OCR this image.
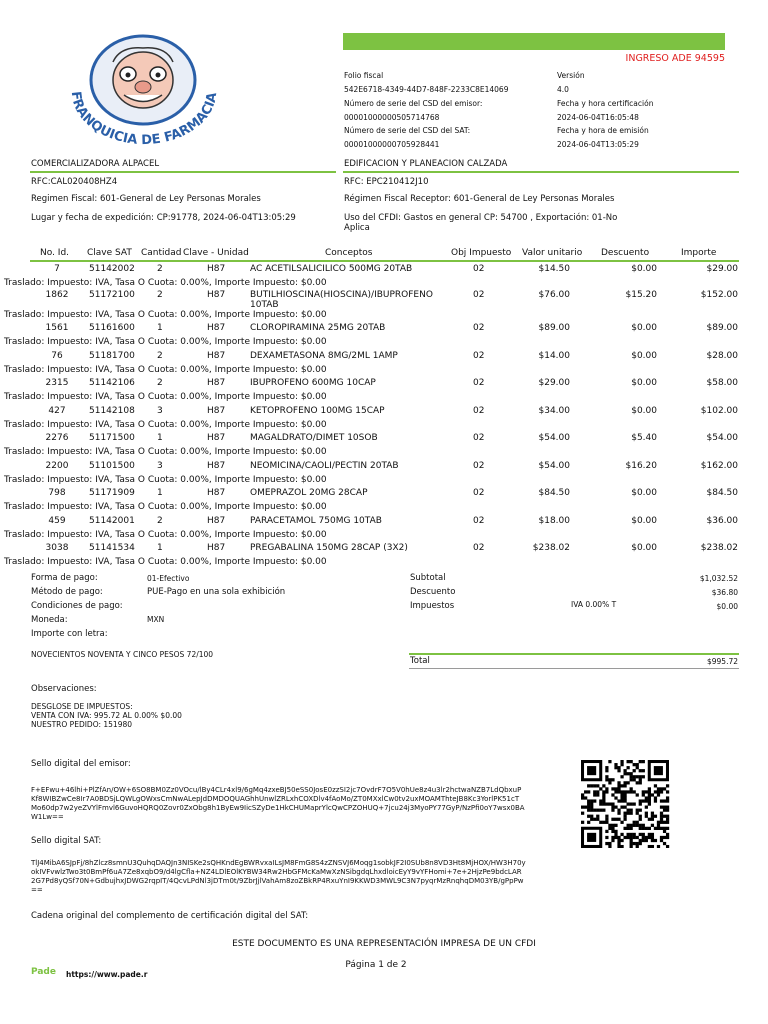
FRANQUICIA DE FARMACIA
INGRESO ADE 94595
Folio fiscal
542E6718-4349-44D7-848F-2233C8E14069
Número de serie del CSD del emisor:
00001000000505714768
Número de serie del CSD del SAT:
00001000000705928441
Versión
4.0
Fecha y hora certificación
2024-06-04T16:05:48
Fecha y hora de emisión
2024-06-04T13:05:29
COMERCIALIZADORA ALPACEL
RFC:CAL020408HZ4
Regimen Fiscal: 601-General de Ley Personas Morales
Lugar y fecha de expedición: CP:91778, 2024-06-04T13:05:29
EDIFICACION Y PLANEACION CALZADA
RFC: EPC210412J10
Régimen Fiscal Receptor: 601-General de Ley Personas Morales
Uso del CFDI: Gastos en general CP: 54700 , Exportación: 01-No
Aplica
No. Id. Clave SAT Cantidad Clave - Unidad	Conceptos	Obj Impuesto Valor unitario Descuento	Importe
7	51142002 2	H87	AC ACETILSALICILICO 500MG 20TAB	02	$14.50	$0.00	$29.00
Traslado: Impuesto: IVA, Tasa O Cuota: 0.00%, Importe Impuesto: $0.00
1862	51172100 2	H87	BUTILHIOSCINA(HIOSCINA)/IBUPROFENO	02	$76.00	$15.20	$152.00
10TAB
Traslado: Impuesto: IVA, Tasa O Cuota: 0.00%, Importe Impuesto: $0.00
1561	51161600 1	H87	CLOROPIRAMINA 25MG 20TAB	02	$89.00	$0.00	$89.00
Traslado: Impuesto: IVA, Tasa O Cuota: 0.00%, Importe Impuesto: $0.00
76	51181700 2	H87	DEXAMETASONA 8MG/2ML 1AMP	02	$14.00	$0.00	$28.00
Traslado: Impuesto: IVA, Tasa O Cuota: 0.00%, Importe Impuesto: $0.00
2315	51142106 2	H87	IBUPROFENO 600MG 10CAP	02	$29.00	$0.00	$58.00
Traslado: Impuesto: IVA, Tasa O Cuota: 0.00%, Importe Impuesto: $0.00
427	51142108 3	H87	KETOPROFENO 100MG 15CAP	02	$34.00	$0.00	$102.00
Traslado: Impuesto: IVA, Tasa O Cuota: 0.00%, Importe Impuesto: $0.00
2276	51171500 1	H87	MAGALDRATO/DIMET 10SOB	02	$54.00	$5.40	$54.00
Traslado: Impuesto: IVA, Tasa O Cuota: 0.00%, Importe Impuesto: $0.00
2200	51101500 3	H87	NEOMICINA/CAOLI/PECTIN 20TAB	02	$54.00	$16.20	$162.00
Traslado: Impuesto: IVA, Tasa O Cuota: 0.00%, Importe Impuesto: $0.00
798	51171909 1	H87	OMEPRAZOL 20MG 28CAP	02	$84.50	$0.00	$84.50
Traslado: Impuesto: IVA, Tasa O Cuota: 0.00%, Importe Impuesto: $0.00
459	51142001 2	H87	PARACETAMOL 750MG 10TAB	02	$18.00	$0.00	$36.00
Traslado: Impuesto: IVA, Tasa O Cuota: 0.00%, Importe Impuesto: $0.00
3038	51141534 1	H87	PREGABALINA 150MG 28CAP (3X2)	02	$238.02	$0.00	$238.02
Traslado: Impuesto: IVA, Tasa O Cuota: 0.00%, Importe Impuesto: $0.00
Forma de pago:	01-Efectivo
Método de pago:	PUE-Pago en una sola exhibición
Condiciones de pago:
Moneda:	MXN
Importe con letra:
NOVECIENTOS NOVENTA Y CINCO PESOS 72/100
Subtotal	$1,032.52
Descuento	$36.80
Impuestos	IVA 0.00% T	$0.00
Total	$995.72
Observaciones:
DESGLOSE DE IMPUESTOS:
VENTA CON IVA: 995.72 AL 0.00% $0.00
NUESTRO PEDIDO: 151980
Sello digital del emisor:
F+EFwu+46lhi+PlZfAn/OW+6SO8BM0Zz0VOcu/lBy4CLr4xl9/6gMq4zxeBJ50eSS0JosE0zzSI2jc7OvdrF7O5V0hUe8z4u3lr2hctwaNZB7LdQbxuP
Kf8WIBZwCe8Ir7A0BDSjLQWLgOWxsCmNwALepJdDMDOQUAGhhUnwlZRLxhCOXDlv4fAoMo/ZT0MXxlCw0tv2uxMOAMThteJB8Kc3YorlPK51cT
Mo60dp7w2yeZVYlFmvl6GuvoHQRQ0Zovr0ZxObg8h1ByEw9IicSZyDe1HkCHUMaprYlcQwCPZOHUQ+7jcu24j3MyoPY77GyP/NzPfi0oY7wsx0BA
W1Lw==
Sello digital SAT:
TlJ4MibA6SJpFj/8hZlcz8smnU3QuhqDAQJn3NISKe2sQHKndEgBWRvxaILsJM8FmG8S4zZNSVJ6Moqg1sobkJF2I0SUb8n8VD3Ht8MjHOX/HW3H70y
okIVFvwlzTwo3t0BmPf6uA7Ze8xqbO9/d4lgCfla+NZ4LDlEOlKYBW34Rw2HbGFMcKaMwXzNSibgdqLhxdloicEyY9vYFHomi+7e+2HjzPe9bdcLAR
2G7Pd8yQSf70N+GdbujhxJDWG2rqpIT/4QcvLPdNl3jDTm0t/9ZbrJjlVahAm8zoZBkRP4RxuYnI9KKWD3MWL9C3N7pyqrMzRnqhqDM03YB/gPpPw
==
Cadena original del complemento de certificación digital del SAT:
ESTE DOCUMENTO ES UNA REPRESENTACIÓN IMPRESA DE UN CFDI
Página 1 de 2
Pade https://www.pade.r
